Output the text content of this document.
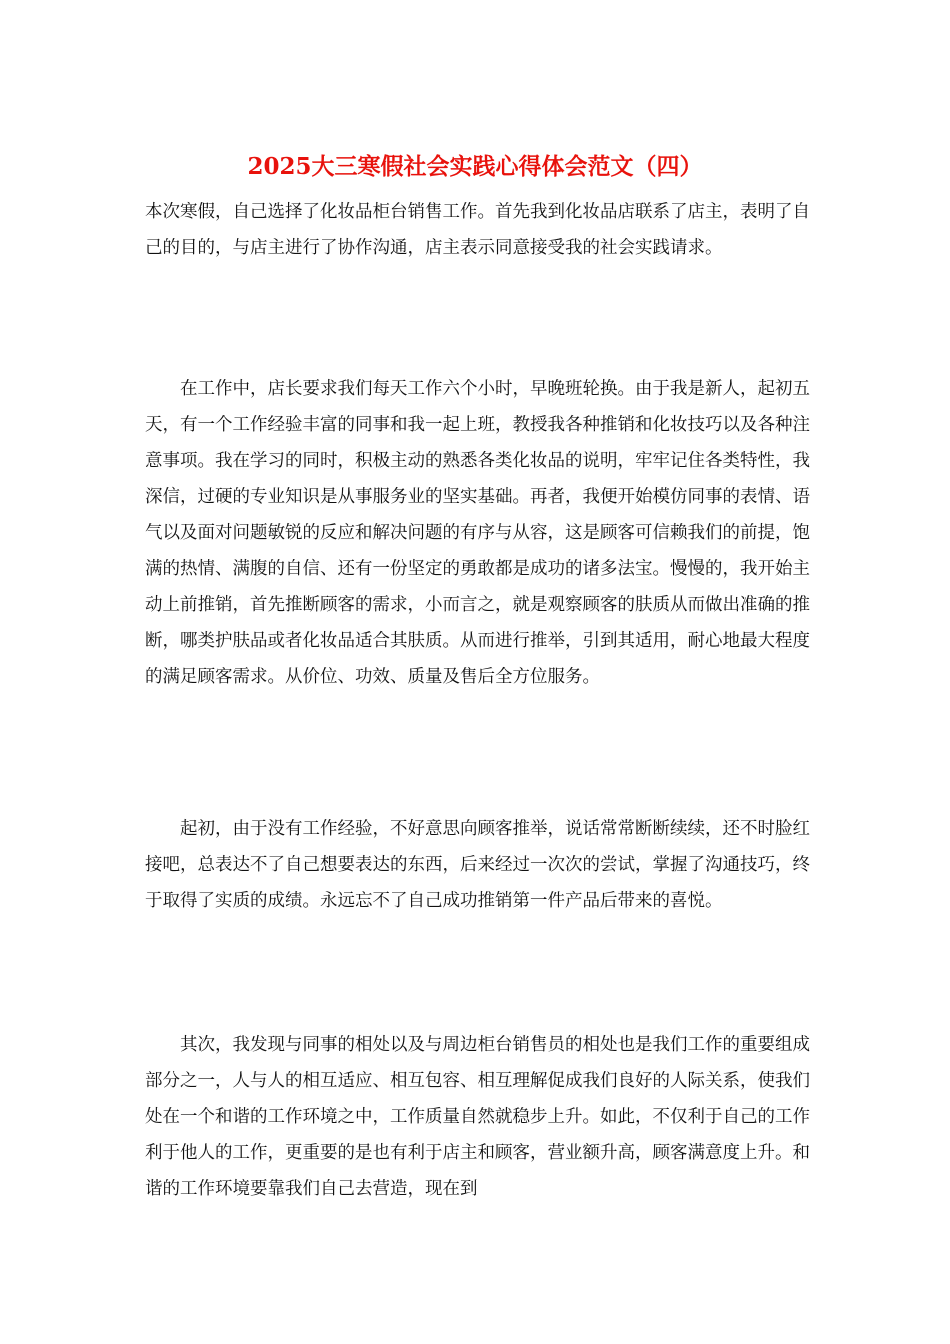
2025大三寒假社会实践心得体会范文（四）

本次寒假，自己选择了化妆品柜台销售工作。首先我到化妆品店联系了店主，表明了自己的目的，与店主进行了协作沟通，店主表示同意接受我的社会实践请求。

在工作中，店长要求我们每天工作六个小时，早晚班轮换。由于我是新人，起初五天，有一个工作经验丰富的同事和我一起上班，教授我各种推销和化妆技巧以及各种注意事项。我在学习的同时，积极主动的熟悉各类化妆品的说明，牢牢记住各类特性，我深信，过硬的专业知识是从事服务业的坚实基础。再者，我便开始模仿同事的表情、语气以及面对问题敏锐的反应和解决问题的有序与从容，这是顾客可信赖我们的前提，饱满的热情、满腹的自信、还有一份坚定的勇敢都是成功的诸多法宝。慢慢的，我开始主动上前推销，首先推断顾客的需求，小而言之，就是观察顾客的肤质从而做出准确的推断，哪类护肤品或者化妆品适合其肤质。从而进行推举，引到其适用，耐心地最大程度的满足顾客需求。从价位、功效、质量及售后全方位服务。

起初，由于没有工作经验，不好意思向顾客推举，说话常常断断续续，还不时脸红接吧，总表达不了自己想要表达的东西，后来经过一次次的尝试，掌握了沟通技巧，终于取得了实质的成绩。永远忘不了自己成功推销第一件产品后带来的喜悦。

其次，我发现与同事的相处以及与周边柜台销售员的相处也是我们工作的重要组成部分之一，人与人的相互适应、相互包容、相互理解促成我们良好的人际关系，使我们处在一个和谐的工作环境之中，工作质量自然就稳步上升。如此，不仅利于自己的工作利于他人的工作，更重要的是也有利于店主和顾客，营业额升高，顾客满意度上升。和谐的工作环境要靠我们自己去营造，现在到
